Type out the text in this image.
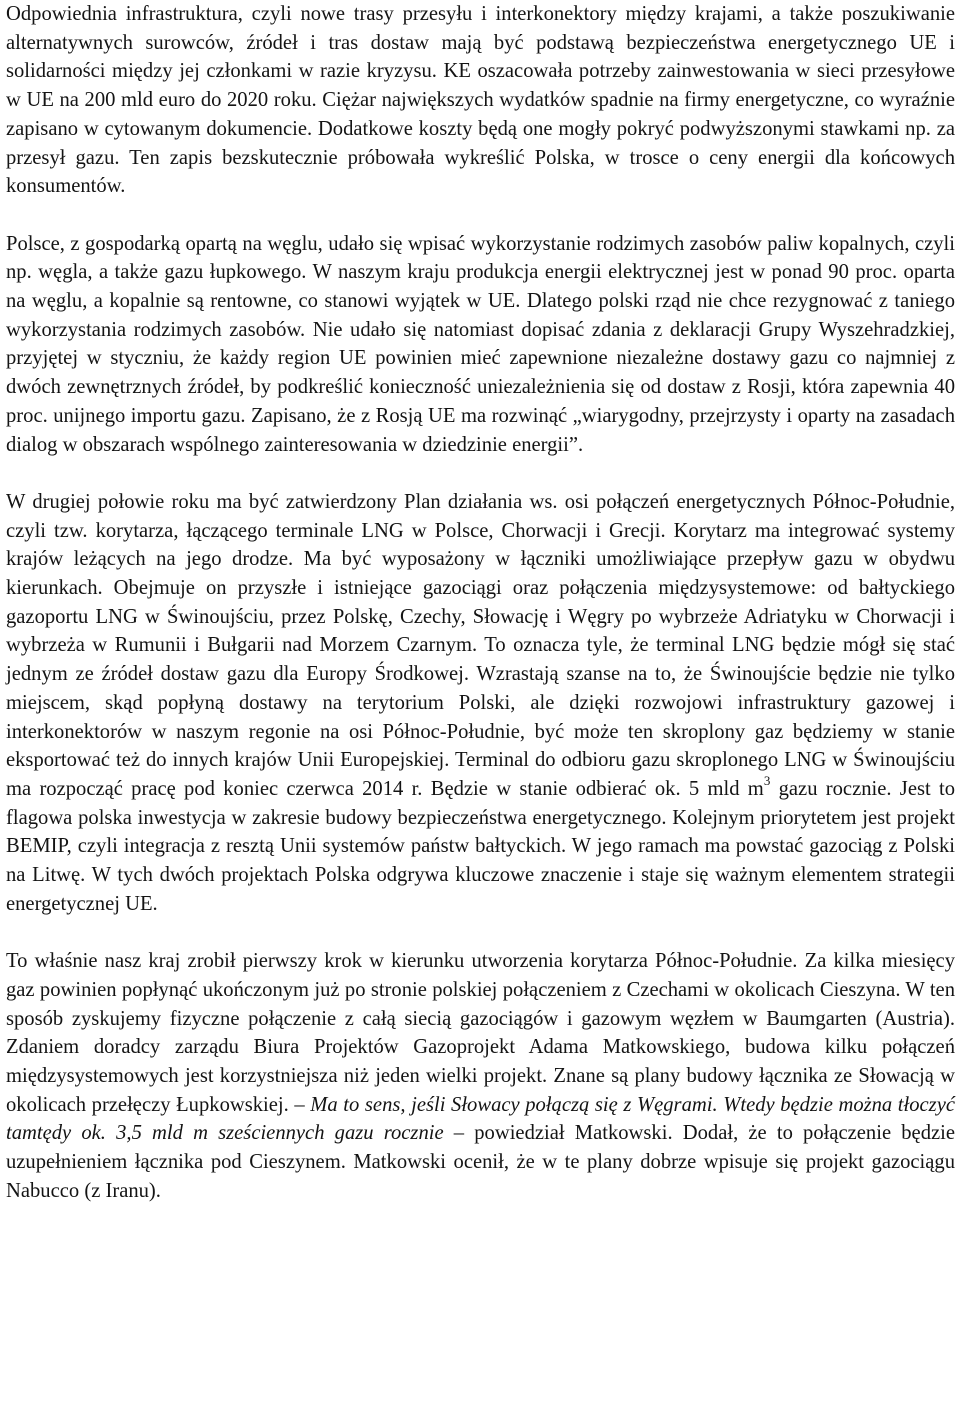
Odpowiednia infrastruktura, czyli nowe trasy przesyłu i interkonektory między krajami, a także poszukiwanie alternatywnych surowców, źródeł i tras dostaw mają być podstawą bezpieczeństwa energetycznego UE i solidarności między jej członkami w razie kryzysu. KE oszacowała potrzeby zainwestowania w sieci przesyłowe w UE na 200 mld euro do 2020 roku. Ciężar największych wydatków spadnie na firmy energetyczne, co wyraźnie zapisano w cytowanym dokumencie. Dodatkowe koszty będą one mogły pokryć podwyższonymi stawkami np. za przesył gazu. Ten zapis bezskutecznie próbowała wykreślić Polska, w trosce o ceny energii dla końcowych konsumentów.

Polsce, z gospodarką opartą na węglu, udało się wpisać wykorzystanie rodzimych zasobów paliw kopalnych, czyli np. węgla, a także gazu łupkowego. W naszym kraju produkcja energii elektrycznej jest w ponad 90 proc. oparta na węglu, a kopalnie są rentowne, co stanowi wyjątek w UE. Dlatego polski rząd nie chce rezygnować z taniego wykorzystania rodzimych zasobów. Nie udało się natomiast dopisać zdania z deklaracji Grupy Wyszehradzkiej, przyjętej w styczniu, że każdy region UE powinien mieć zapewnione niezależne dostawy gazu co najmniej z dwóch zewnętrznych źródeł, by podkreślić konieczność uniezależnienia się od dostaw z Rosji, która zapewnia 40 proc. unijnego importu gazu. Zapisano, że z Rosją UE ma rozwinąć „wiarygodny, przejrzysty i oparty na zasadach dialog w obszarach wspólnego zainteresowania w dziedzinie energii”.

W drugiej połowie roku ma być zatwierdzony Plan działania ws. osi połączeń energetycznych Północ-Południe, czyli tzw. korytarza, łączącego terminale LNG w Polsce, Chorwacji i Grecji. Korytarz ma integrować systemy krajów leżących na jego drodze. Ma być wyposażony w łączniki umożliwiające przepływ gazu w obydwu kierunkach. Obejmuje on przyszłe i istniejące gazociągi oraz połączenia międzysystemowe: od bałtyckiego gazoportu LNG w Świnoujściu, przez Polskę, Czechy, Słowację i Węgry po wybrzeże Adriatyku w Chorwacji i wybrzeża w Rumunii i Bułgarii nad Morzem Czarnym. To oznacza tyle, że terminal LNG będzie mógł się stać jednym ze źródeł dostaw gazu dla Europy Środkowej. Wzrastają szanse na to, że Świnoujście będzie nie tylko miejscem, skąd popłyną dostawy na terytorium Polski, ale dzięki rozwojowi infrastruktury gazowej i interkonektorów w naszym regonie na osi Północ-Południe, być może ten skroplony gaz będziemy w stanie eksportować też do innych krajów Unii Europejskiej. Terminal do odbioru gazu skroplonego LNG w Świnoujściu ma rozpocząć pracę pod koniec czerwca 2014 r. Będzie w stanie odbierać ok. 5 mld $m^3$ gazu rocznie. Jest to flagowa polska inwestycja w zakresie budowy bezpieczeństwa energetycznego. Kolejnym priorytetem jest projekt BEMIP, czyli integracja z resztą Unii systemów państw bałtyckich. W jego ramach ma powstać gazociąg z Polski na Litwę. W tych dwóch projektach Polska odgrywa kluczowe znaczenie i staje się ważnym elementem strategii energetycznej UE.

To właśnie nasz kraj zrobił pierwszy krok w kierunku utworzenia korytarza Północ-Południe. Za kilka miesięcy gaz powinien popłynąć ukończonym już po stronie polskiej połączeniem z Czechami w okolicach Cieszyna. W ten sposób zyskujemy fizyczne połączenie z całą siecią gazociągów i gazowym węzłem w Baumgarten (Austria). Zdaniem doradcy zarządu Biura Projektów Gazoprojekt Adama Matkowskiego, budowa kilku połączeń międzysystemowych jest korzystniejsza niż jeden wielki projekt. Znane są plany budowy łącznika ze Słowacją w okolicach przełęczy Łupkowskiej. – Ma to sens, jeśli Słowacy połączą się z Węgrami. Wtedy będzie można tłoczyć tamtędy ok. 3,5 mld m sześciennych gazu rocznie – powiedział Matkowski. Dodał, że to połączenie będzie uzupełnieniem łącznika pod Cieszynem. Matkowski ocenił, że w te plany dobrze wpisuje się projekt gazociągu Nabucco (z Iranu).
